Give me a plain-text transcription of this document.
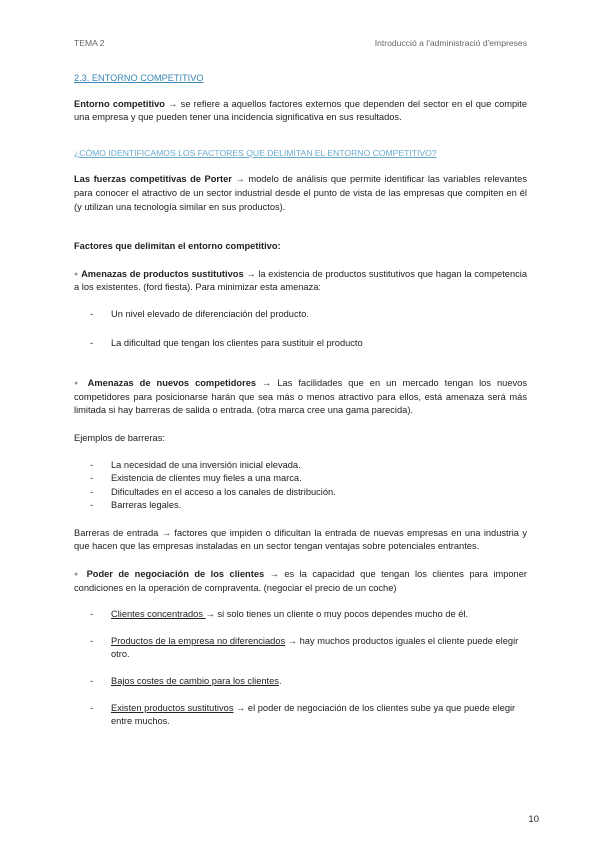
TEMA 2	Introducció a l'administració d'empreses

2.3. ENTORNO COMPETITIVO

Entorno competitivo → se refiere a aquellos factores externos que dependen del sector en el que compite una empresa y que pueden tener una incidencia significativa en sus resultados.

¿CÓMO IDENTIFICAMOS LOS FACTORES QUE DELIMITAN EL ENTORNO COMPETITIVO?

Las fuerzas competitivas de Porter → modelo de análisis que permite identificar las variables relevantes para conocer el atractivo de un sector industrial desde el punto de vista de las empresas que compiten en él (y utilizan una tecnología similar en sus productos).

Factores que delimitan el entorno competitivo:

● Amenazas de productos sustitutivos → la existencia de productos sustitutivos que hagan la competencia a los existentes. (ford fiesta). Para minimizar esta amenaza:

- Un nivel elevado de diferenciación del producto.
- La dificultad que tengan los clientes para sustituir el producto

● Amenazas de nuevos competidores → Las facilidades que en un mercado tengan los nuevos competidores para posicionarse harán que sea más o menos atractivo para ellos, está amenaza será más limitada si hay barreras de salida o entrada. (otra marca cree una gama parecida).

Ejemplos de barreras:

- La necesidad de una inversión inicial elevada.
- Existencia de clientes muy fieles a una marca.
- Dificultades en el acceso a los canales de distribución.
- Barreras legales.

Barreras de entrada → factores que impiden o dificultan la entrada de nuevas empresas en una industria y que hacen que las empresas instaladas en un sector tengan ventajas sobre potenciales entrantes.

● Poder de negociación de los clientes → es la capacidad que tengan los clientes para imponer condiciones en la operación de compraventa. (negociar el precio de un coche)

- Clientes concentrados → si solo tienes un cliente o muy pocos dependes mucho de él.
- Productos de la empresa no diferenciados → hay muchos productos iguales el cliente puede elegir otro.
- Bajos costes de cambio para los clientes.
- Existen productos sustitutivos → el poder de negociación de los clientes sube ya que puede elegir entre muchos.
10
